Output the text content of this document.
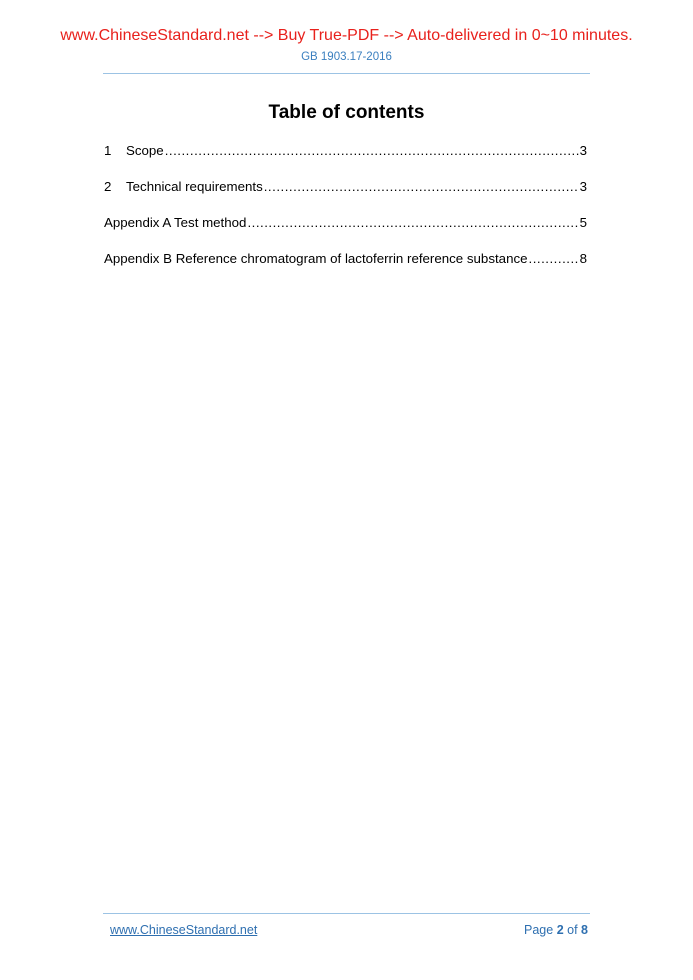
www.ChineseStandard.net --> Buy True-PDF --> Auto-delivered in 0~10 minutes.
GB 1903.17-2016
Table of contents
1	Scope .....	3
2	Technical requirements .....	3
Appendix A Test method .....	5
Appendix B Reference chromatogram of lactoferrin reference substance .....	8
www.ChineseStandard.net	Page 2 of 8
